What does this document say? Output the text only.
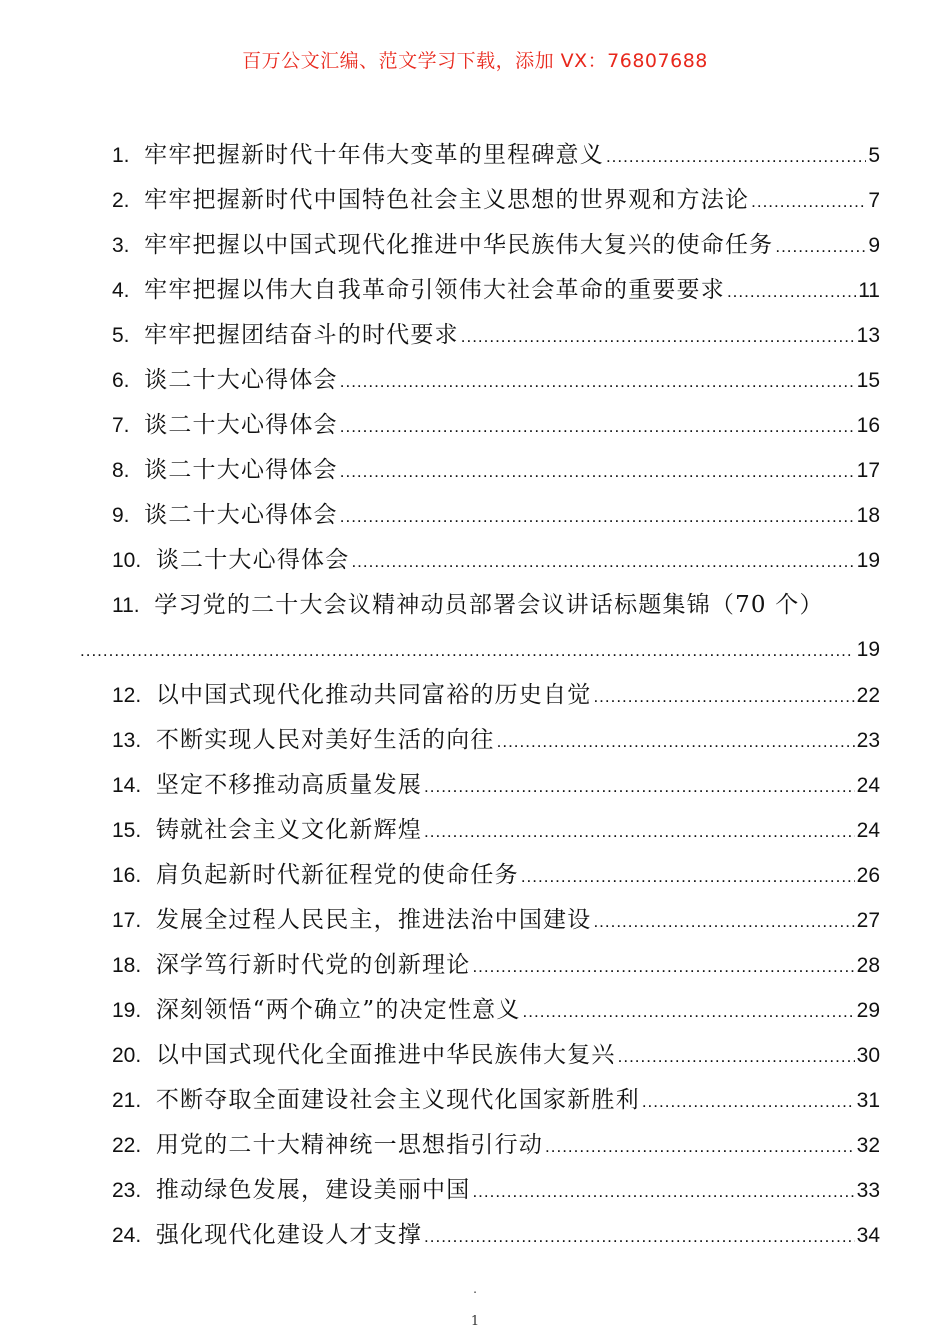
百万公文汇编、范文学习下载，添加 VX：76807688
1.
牢牢把握新时代十年伟大变革的里程碑意义 .....	5
2.
牢牢把握新时代中国特色社会主义思想的世界观和方法论 .....	7
3.
牢牢把握以中国式现代化推进中华民族伟大复兴的使命任务 .....	9
4.
牢牢把握以伟大自我革命引领伟大社会革命的重要要求 .....	11
5.
牢牢把握团结奋斗的时代要求 .....	13
6.
谈二十大心得体会 .....	15
7.
谈二十大心得体会 .....	16
8.
谈二十大心得体会 .....	17
9.
谈二十大心得体会 .....	18
10.
谈二十大心得体会 .....	19
11.
学习党的二十大会议精神动员部署会议讲话标题集锦（70 个）
.....
19
12.
以中国式现代化推动共同富裕的历史自觉 .....	22
13.
不断实现人民对美好生活的向往 .....	23
14.
坚定不移推动高质量发展 .....	24
15.
铸就社会主义文化新辉煌 .....	24
16.
肩负起新时代新征程党的使命任务 .....	26
17.
发展全过程人民民主，推进法治中国建设 .....	27
18.
深学笃行新时代党的创新理论 .....	28
19.
深刻领悟“两个确立”的决定性意义 .....	29
20.
以中国式现代化全面推进中华民族伟大复兴 .....	30
21.
不断夺取全面建设社会主义现代化国家新胜利 .....	31
22.
用党的二十大精神统一思想指引行动 .....	32
23.
推动绿色发展，建设美丽中国 .....	33
24.
强化现代化建设人才支撑 .....	34
.
1
